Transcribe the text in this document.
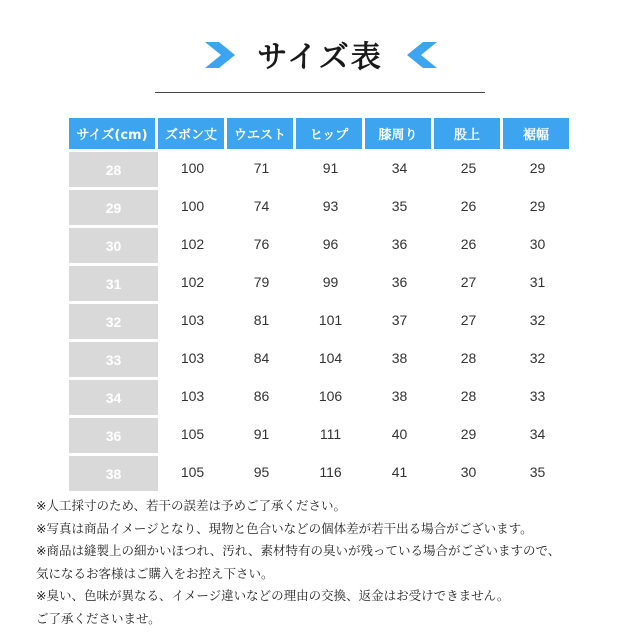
サイズ表
サイズ(cm)	ズボン丈	ウエスト	ヒップ	膝周り	股上	裾幅
28	100	71	91	34	25	29
29	100	74	93	35	26	29
30	102	76	96	36	26	30
31	102	79	99	36	27	31
32	103	81	101	37	27	32
33	103	84	104	38	28	32
34	103	86	106	38	28	33
36	105	91	111	40	29	34
38	105	95	116	41	30	35
※人工採寸のため、若干の誤差は予めご了承ください。
※写真は商品イメージとなり、現物と色合いなどの個体差が若干出る場合がございます。
※商品は縫製上の細かいほつれ、汚れ、素材特有の臭いが残っている場合がございますので、
気になるお客様はご購入をお控え下さい。
※臭い、色味が異なる、イメージ違いなどの理由の交換、返金はお受けできません。
ご了承くださいませ。
